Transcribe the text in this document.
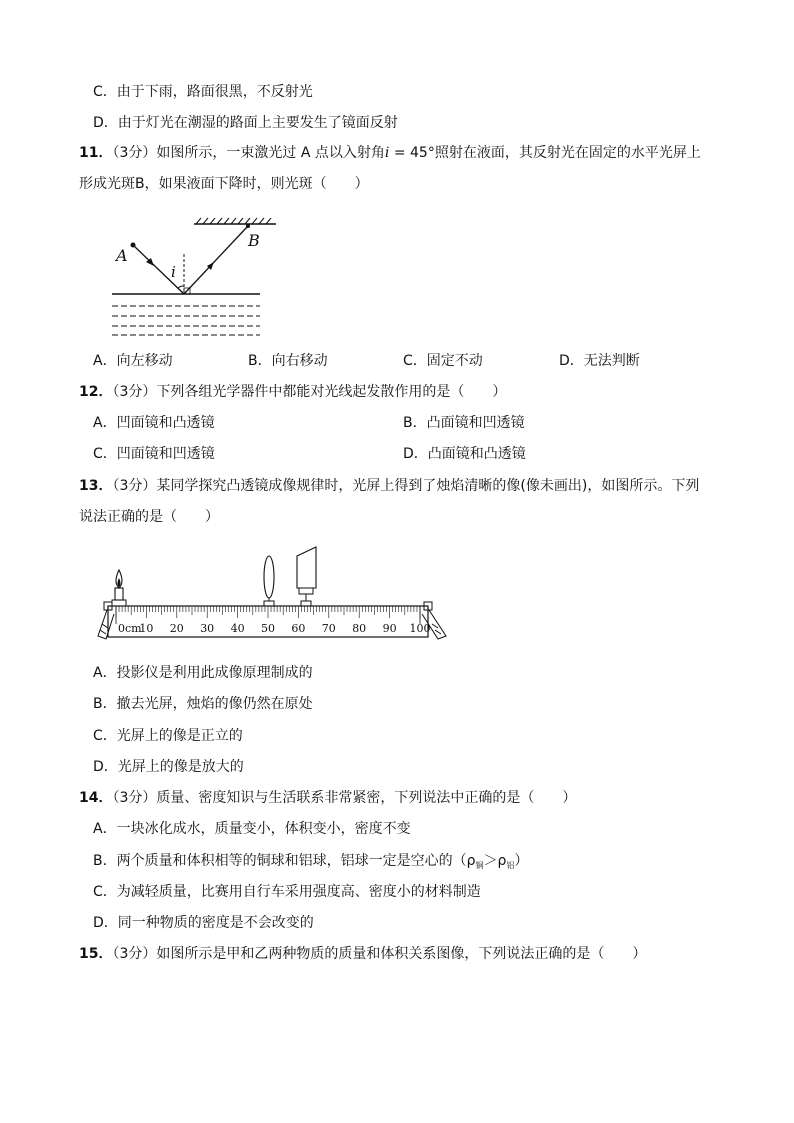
C．由于下雨，路面很黑，不反射光
D．由于灯光在潮湿的路面上主要发生了镜面反射
11．（3分）如图所示，一束激光过 A 点以入射角i = 45°照射在液面，其反射光在固定的水平光屏上
形成光斑B，如果液面下降时，则光斑（　　）
A
B
i
A．向左移动	B．向右移动	C．固定不动	D．无法判断
12．（3分）下列各组光学器件中都能对光线起发散作用的是（　　）
A．凹面镜和凸透镜	B．凸面镜和凹透镜
C．凹面镜和凹透镜	D．凸面镜和凸透镜
13．（3分）某同学探究凸透镜成像规律时，光屏上得到了烛焰清晰的像(像未画出)，如图所示。下列
说法正确的是（　　）
0cm
10 20 30 40 50 60 70 80 90 100
A．投影仪是利用此成像原理制成的
B．撤去光屏，烛焰的像仍然在原处
C．光屏上的像是正立的
D．光屏上的像是放大的
14．（3分）质量、密度知识与生活联系非常紧密，下列说法中正确的是（　　）
A．一块冰化成水，质量变小，体积变小，密度不变
B．两个质量和体积相等的铜球和铝球，铝球一定是空心的$(\rho_铜>\rho_铝)$
C．为减轻质量，比赛用自行车采用强度高、密度小的材料制造
D．同一种物质的密度是不会改变的
15．（3分）如图所示是甲和乙两种物质的质量和体积关系图像，下列说法正确的是（　　）
